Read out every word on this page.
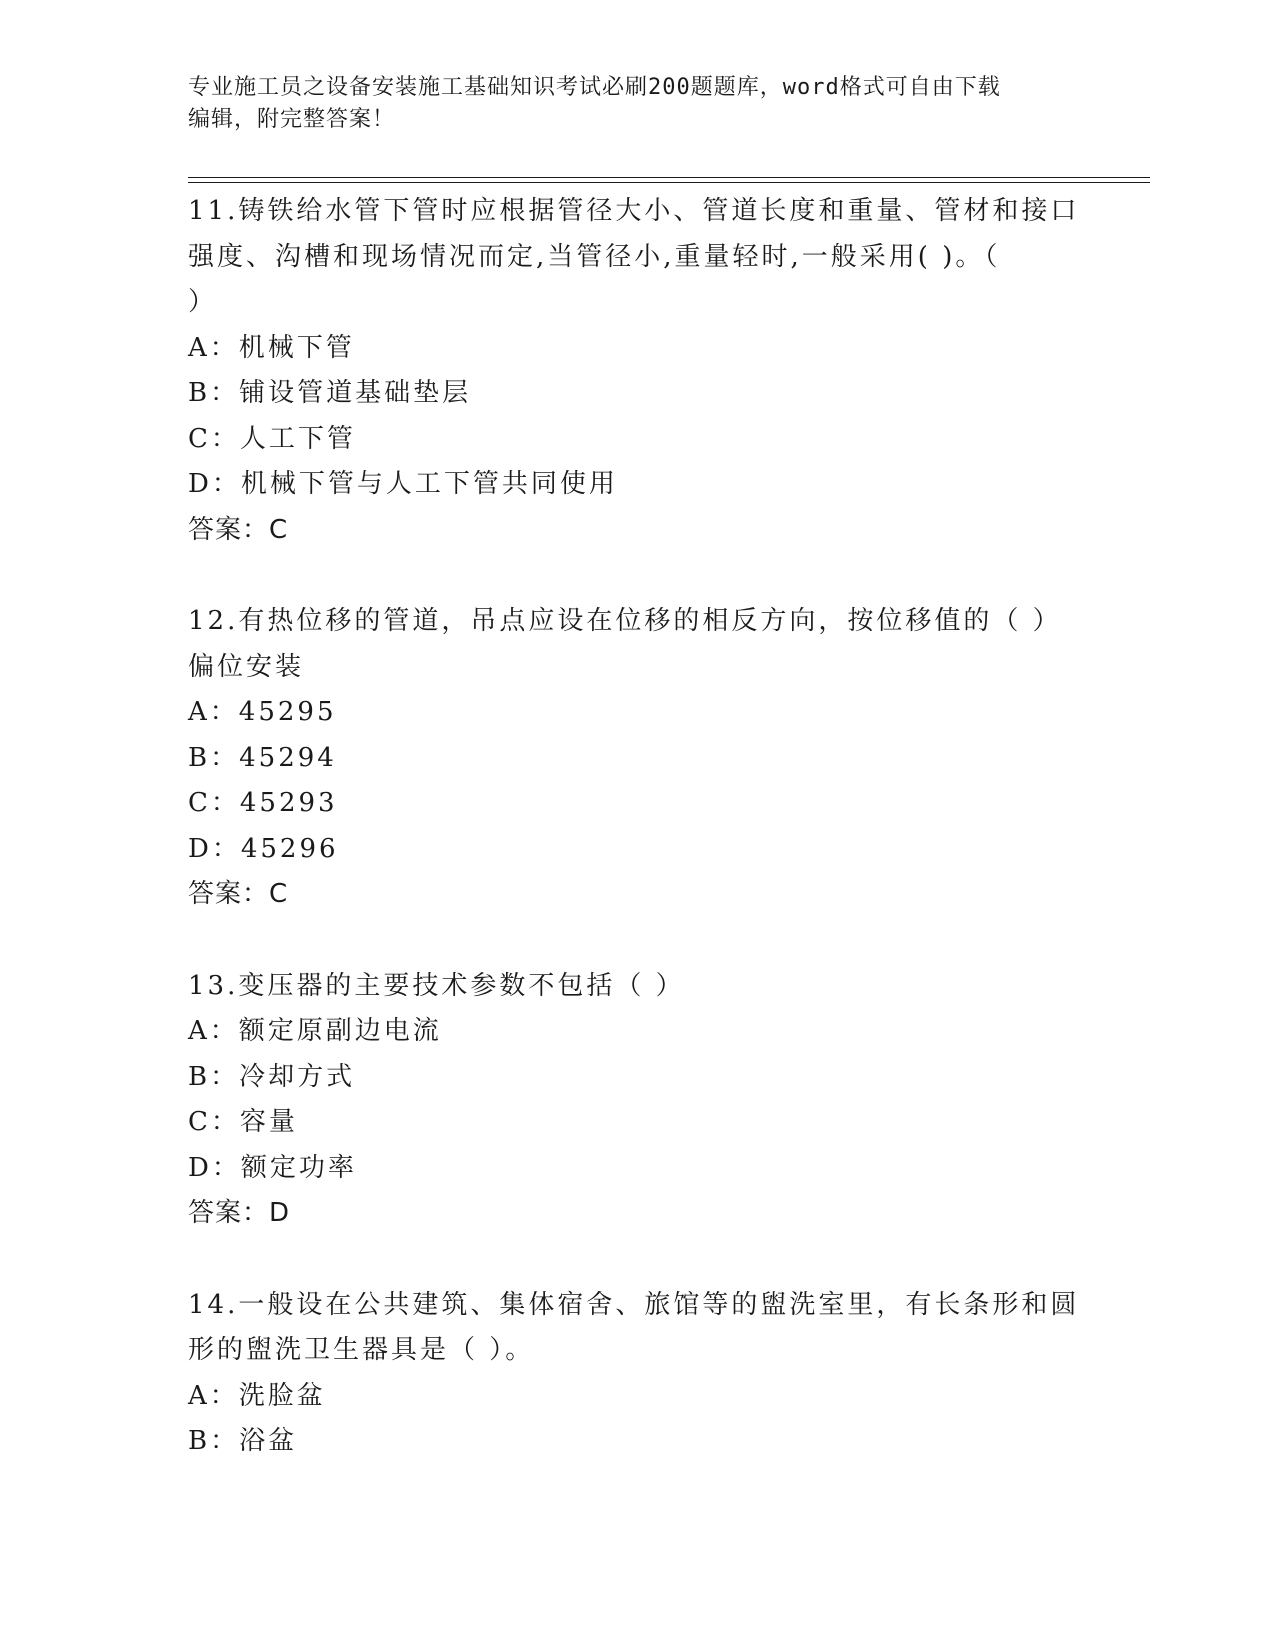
专业施工员之设备安装施工基础知识考试必刷200题题库，word格式可自由下载
编辑，附完整答案！
11.铸铁给水管下管时应根据管径大小、管道长度和重量、管材和接口
强度、沟槽和现场情况而定,当管径小,重量轻时,一般采用( )。（
）
A：机械下管
B：铺设管道基础垫层
C：人工下管
D：机械下管与人工下管共同使用
答案：C
12.有热位移的管道，吊点应设在位移的相反方向，按位移值的（ ）
偏位安装
A：45295
B：45294
C：45293
D：45296
答案：C
13.变压器的主要技术参数不包括（ ）
A：额定原副边电流
B：冷却方式
C：容量
D：额定功率
答案：D
14.一般设在公共建筑、集体宿舍、旅馆等的盥洗室里，有长条形和圆
形的盥洗卫生器具是（ ）。
A：洗脸盆
B：浴盆
